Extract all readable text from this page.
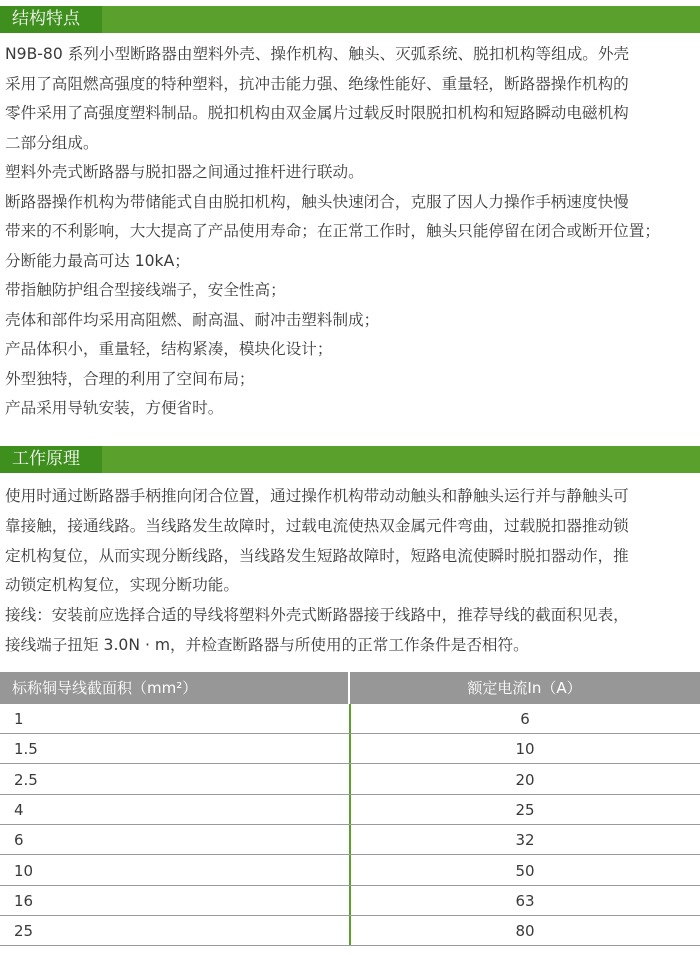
结构特点
N9B-80 系列小型断路器由塑料外壳、操作机构、触头、灭弧系统、脱扣机构等组成。外壳
采用了高阻燃高强度的特种塑料，抗冲击能力强、绝缘性能好、重量轻，断路器操作机构的
零件采用了高强度塑料制品。脱扣机构由双金属片过载反时限脱扣机构和短路瞬动电磁机构
二部分组成。
塑料外壳式断路器与脱扣器之间通过推杆进行联动。
断路器操作机构为带储能式自由脱扣机构，触头快速闭合，克服了因人力操作手柄速度快慢
带来的不利影响，大大提高了产品使用寿命；在正常工作时，触头只能停留在闭合或断开位置；
分断能力最高可达 10kA；
带指触防护组合型接线端子，安全性高；
壳体和部件均采用高阻燃、耐高温、耐冲击塑料制成；
产品体积小，重量轻，结构紧凑，模块化设计；
外型独特，合理的利用了空间布局；
产品采用导轨安装，方便省时。
工作原理
使用时通过断路器手柄推向闭合位置，通过操作机构带动动触头和静触头运行并与静触头可
靠接触，接通线路。当线路发生故障时，过载电流使热双金属元件弯曲，过载脱扣器推动锁
定机构复位，从而实现分断线路，当线路发生短路故障时，短路电流使瞬时脱扣器动作，推
动锁定机构复位，实现分断功能。
接线：安装前应选择合适的导线将塑料外壳式断路器接于线路中，推荐导线的截面积见表，
接线端子扭矩 3.0N · m，并检查断路器与所使用的正常工作条件是否相符。
标称铜导线截面积（mm²）	额定电流In（A）
1	6
1.5	10
2.5	20
4	25
6	32
10	50
16	63
25	80
